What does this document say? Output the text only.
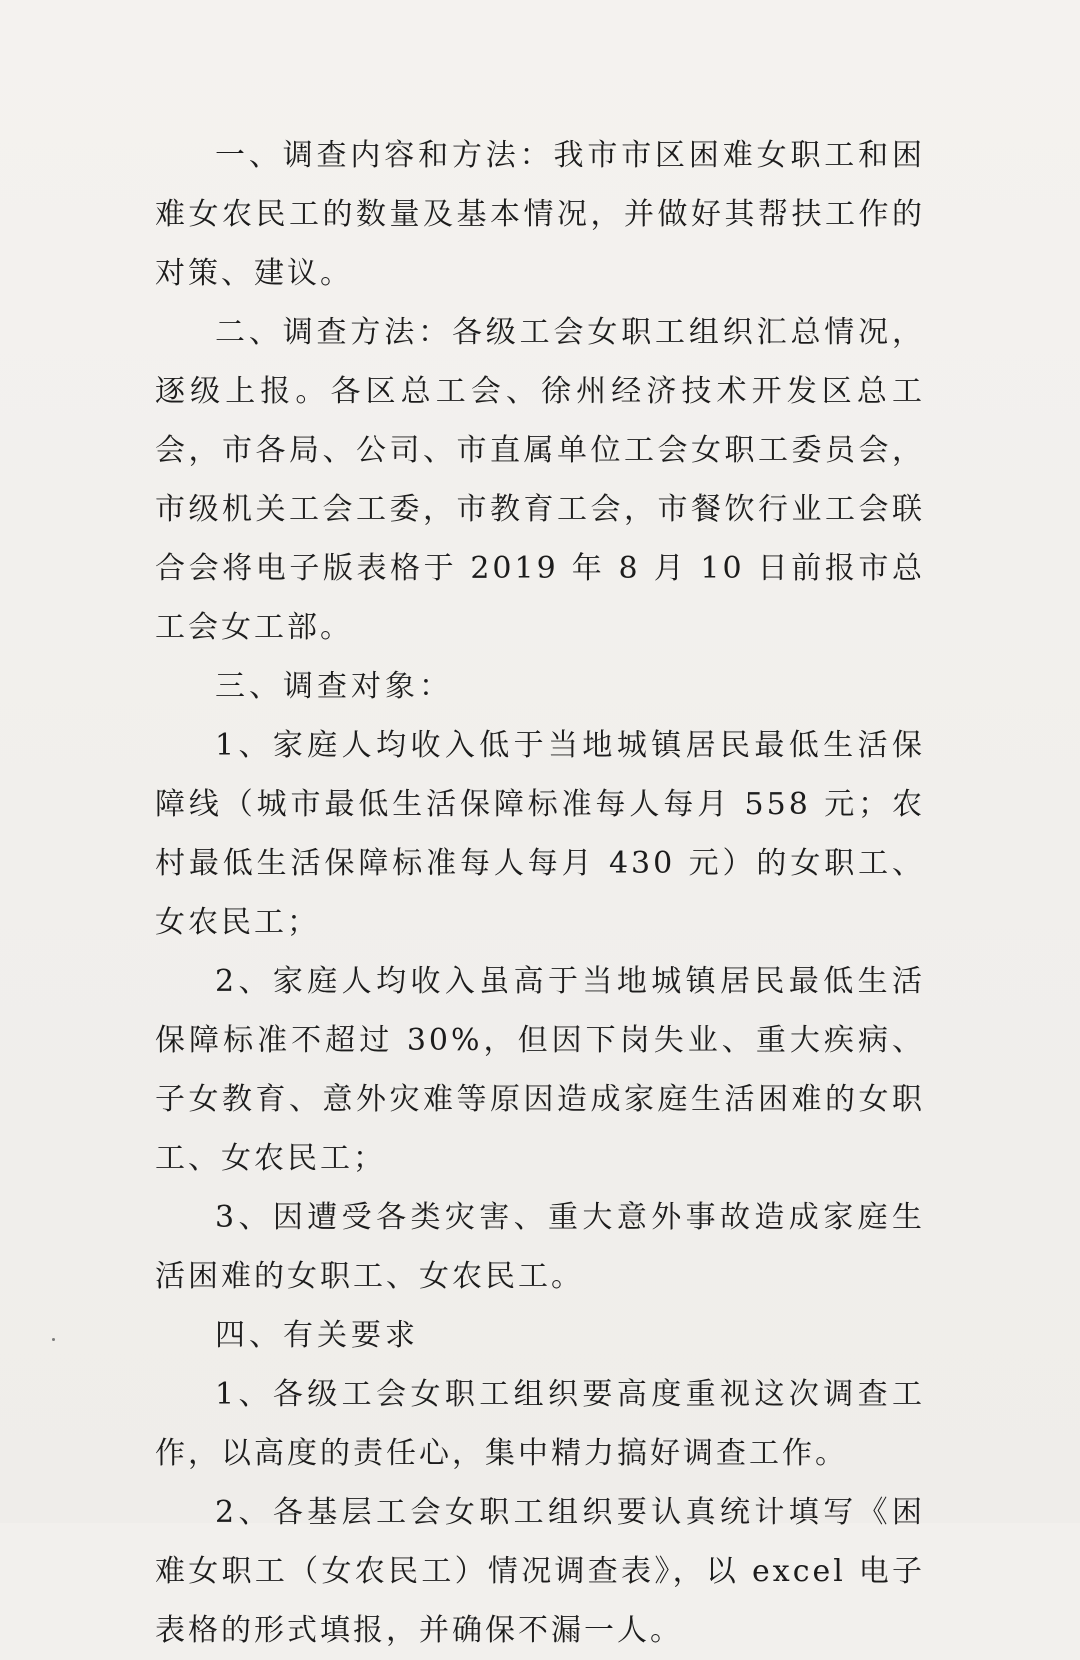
一、调查内容和方法：我市市区困难女职工和困难女农民工的数量及基本情况，并做好其帮扶工作的对策、建议。

二、调查方法：各级工会女职工组织汇总情况，逐级上报。各区总工会、徐州经济技术开发区总工会，市各局、公司、市直属单位工会女职工委员会，市级机关工会工委，市教育工会，市餐饮行业工会联合会将电子版表格于 2019 年 8 月 10 日前报市总工会女工部。

三、调查对象：

1、家庭人均收入低于当地城镇居民最低生活保障线（城市最低生活保障标准每人每月 558 元；农村最低生活保障标准每人每月 430 元）的女职工、女农民工；

2、家庭人均收入虽高于当地城镇居民最低生活保障标准不超过 30%，但因下岗失业、重大疾病、子女教育、意外灾难等原因造成家庭生活困难的女职工、女农民工；

3、因遭受各类灾害、重大意外事故造成家庭生活困难的女职工、女农民工。

四、有关要求

1、各级工会女职工组织要高度重视这次调查工作，以高度的责任心，集中精力搞好调查工作。

2、各基层工会女职工组织要认真统计填写《困难女职工（女农民工）情况调查表》，以 excel 电子表格的形式填报，并确保不漏一人。
